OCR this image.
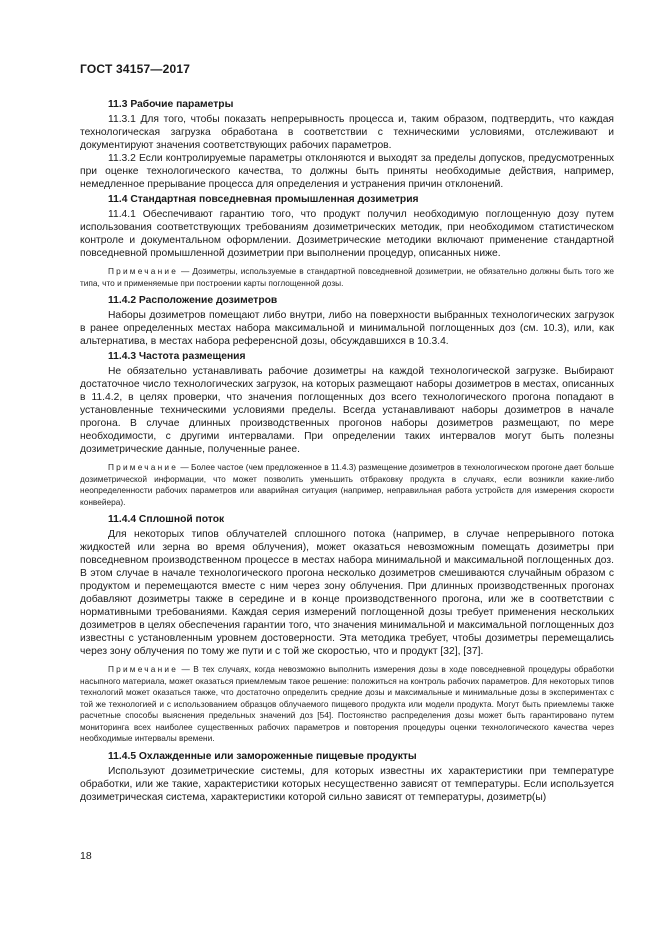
ГОСТ 34157—2017
11.3 Рабочие параметры

11.3.1 Для того, чтобы показать непрерывность процесса и, таким образом, подтвердить, что каждая технологическая загрузка обработана в соответствии с техническими условиями, отслеживают и документируют значения соответствующих рабочих параметров.

11.3.2 Если контролируемые параметры отклоняются и выходят за пределы допусков, предусмотренных при оценке технологического качества, то должны быть приняты необходимые действия, например, немедленное прерывание процесса для определения и устранения причин отклонений.

11.4 Стандартная повседневная промышленная дозиметрия

11.4.1 Обеспечивают гарантию того, что продукт получил необходимую поглощенную дозу путем использования соответствующих требованиям дозиметрических методик, при необходимом статистическом контроле и документальном оформлении. Дозиметрические методики включают применение стандартной повседневной промышленной дозиметрии при выполнении процедур, описанных ниже.

Примечание — Дозиметры, используемые в стандартной повседневной дозиметрии, не обязательно должны быть того же типа, что и применяемые при построении карты поглощенной дозы.

11.4.2 Расположение дозиметров

Наборы дозиметров помещают либо внутри, либо на поверхности выбранных технологических загрузок в ранее определенных местах набора максимальной и минимальной поглощенных доз (см. 10.3), или, как альтернатива, в местах набора референсной дозы, обсуждавшихся в 10.3.4.

11.4.3 Частота размещения

Не обязательно устанавливать рабочие дозиметры на каждой технологической загрузке. Выбирают достаточное число технологических загрузок, на которых размещают наборы дозиметров в местах, описанных в 11.4.2, в целях проверки, что значения поглощенных доз всего технологического прогона попадают в установленные техническими условиями пределы. Всегда устанавливают наборы дозиметров в начале прогона. В случае длинных производственных прогонов наборы дозиметров размещают, по мере необходимости, с другими интервалами. При определении таких интервалов могут быть полезны дозиметрические данные, полученные ранее.

Примечание — Более частое (чем предложенное в 11.4.3) размещение дозиметров в технологическом прогоне дает больше дозиметрической информации, что может позволить уменьшить отбраковку продукта в случаях, если возникли какие-либо неопределенности рабочих параметров или аварийная ситуация (например, неправильная работа устройств для измерения скорости конвейера).

11.4.4 Сплошной поток

Для некоторых типов облучателей сплошного потока (например, в случае непрерывного потока жидкостей или зерна во время облучения), может оказаться невозможным помещать дозиметры при повседневном производственном процессе в местах набора минимальной и максимальной поглощенных доз. В этом случае в начале технологического прогона несколько дозиметров смешиваются случайным образом с продуктом и перемещаются вместе с ним через зону облучения. При длинных производственных прогонах добавляют дозиметры также в середине и в конце производственного прогона, или же в соответствии с нормативными требованиями. Каждая серия измерений поглощенной дозы требует применения нескольких дозиметров в целях обеспечения гарантии того, что значения минимальной и максимальной поглощенных доз известны с установленным уровнем достоверности. Эта методика требует, чтобы дозиметры перемещались через зону облучения по тому же пути и с той же скоростью, что и продукт [32], [37].

Примечание — В тех случаях, когда невозможно выполнить измерения дозы в ходе повседневной процедуры обработки насыпного материала, может оказаться приемлемым такое решение: положиться на контроль рабочих параметров. Для некоторых типов технологий может оказаться также, что достаточно определить средние дозы и максимальные и минимальные дозы в экспериментах с той же технологией и с использованием образцов облучаемого пищевого продукта или модели продукта. Могут быть приемлемы также расчетные способы выяснения предельных значений доз [54]. Постоянство распределения дозы может быть гарантировано путем мониторинга всех наиболее существенных рабочих параметров и повторения процедуры оценки технологического качества через необходимые интервалы времени.

11.4.5 Охлажденные или замороженные пищевые продукты

Используют дозиметрические системы, для которых известны их характеристики при температуре обработки, или же такие, характеристики которых несущественно зависят от температуры. Если используется дозиметрическая система, характеристики которой сильно зависят от температуры, дозиметр(ы)

18
